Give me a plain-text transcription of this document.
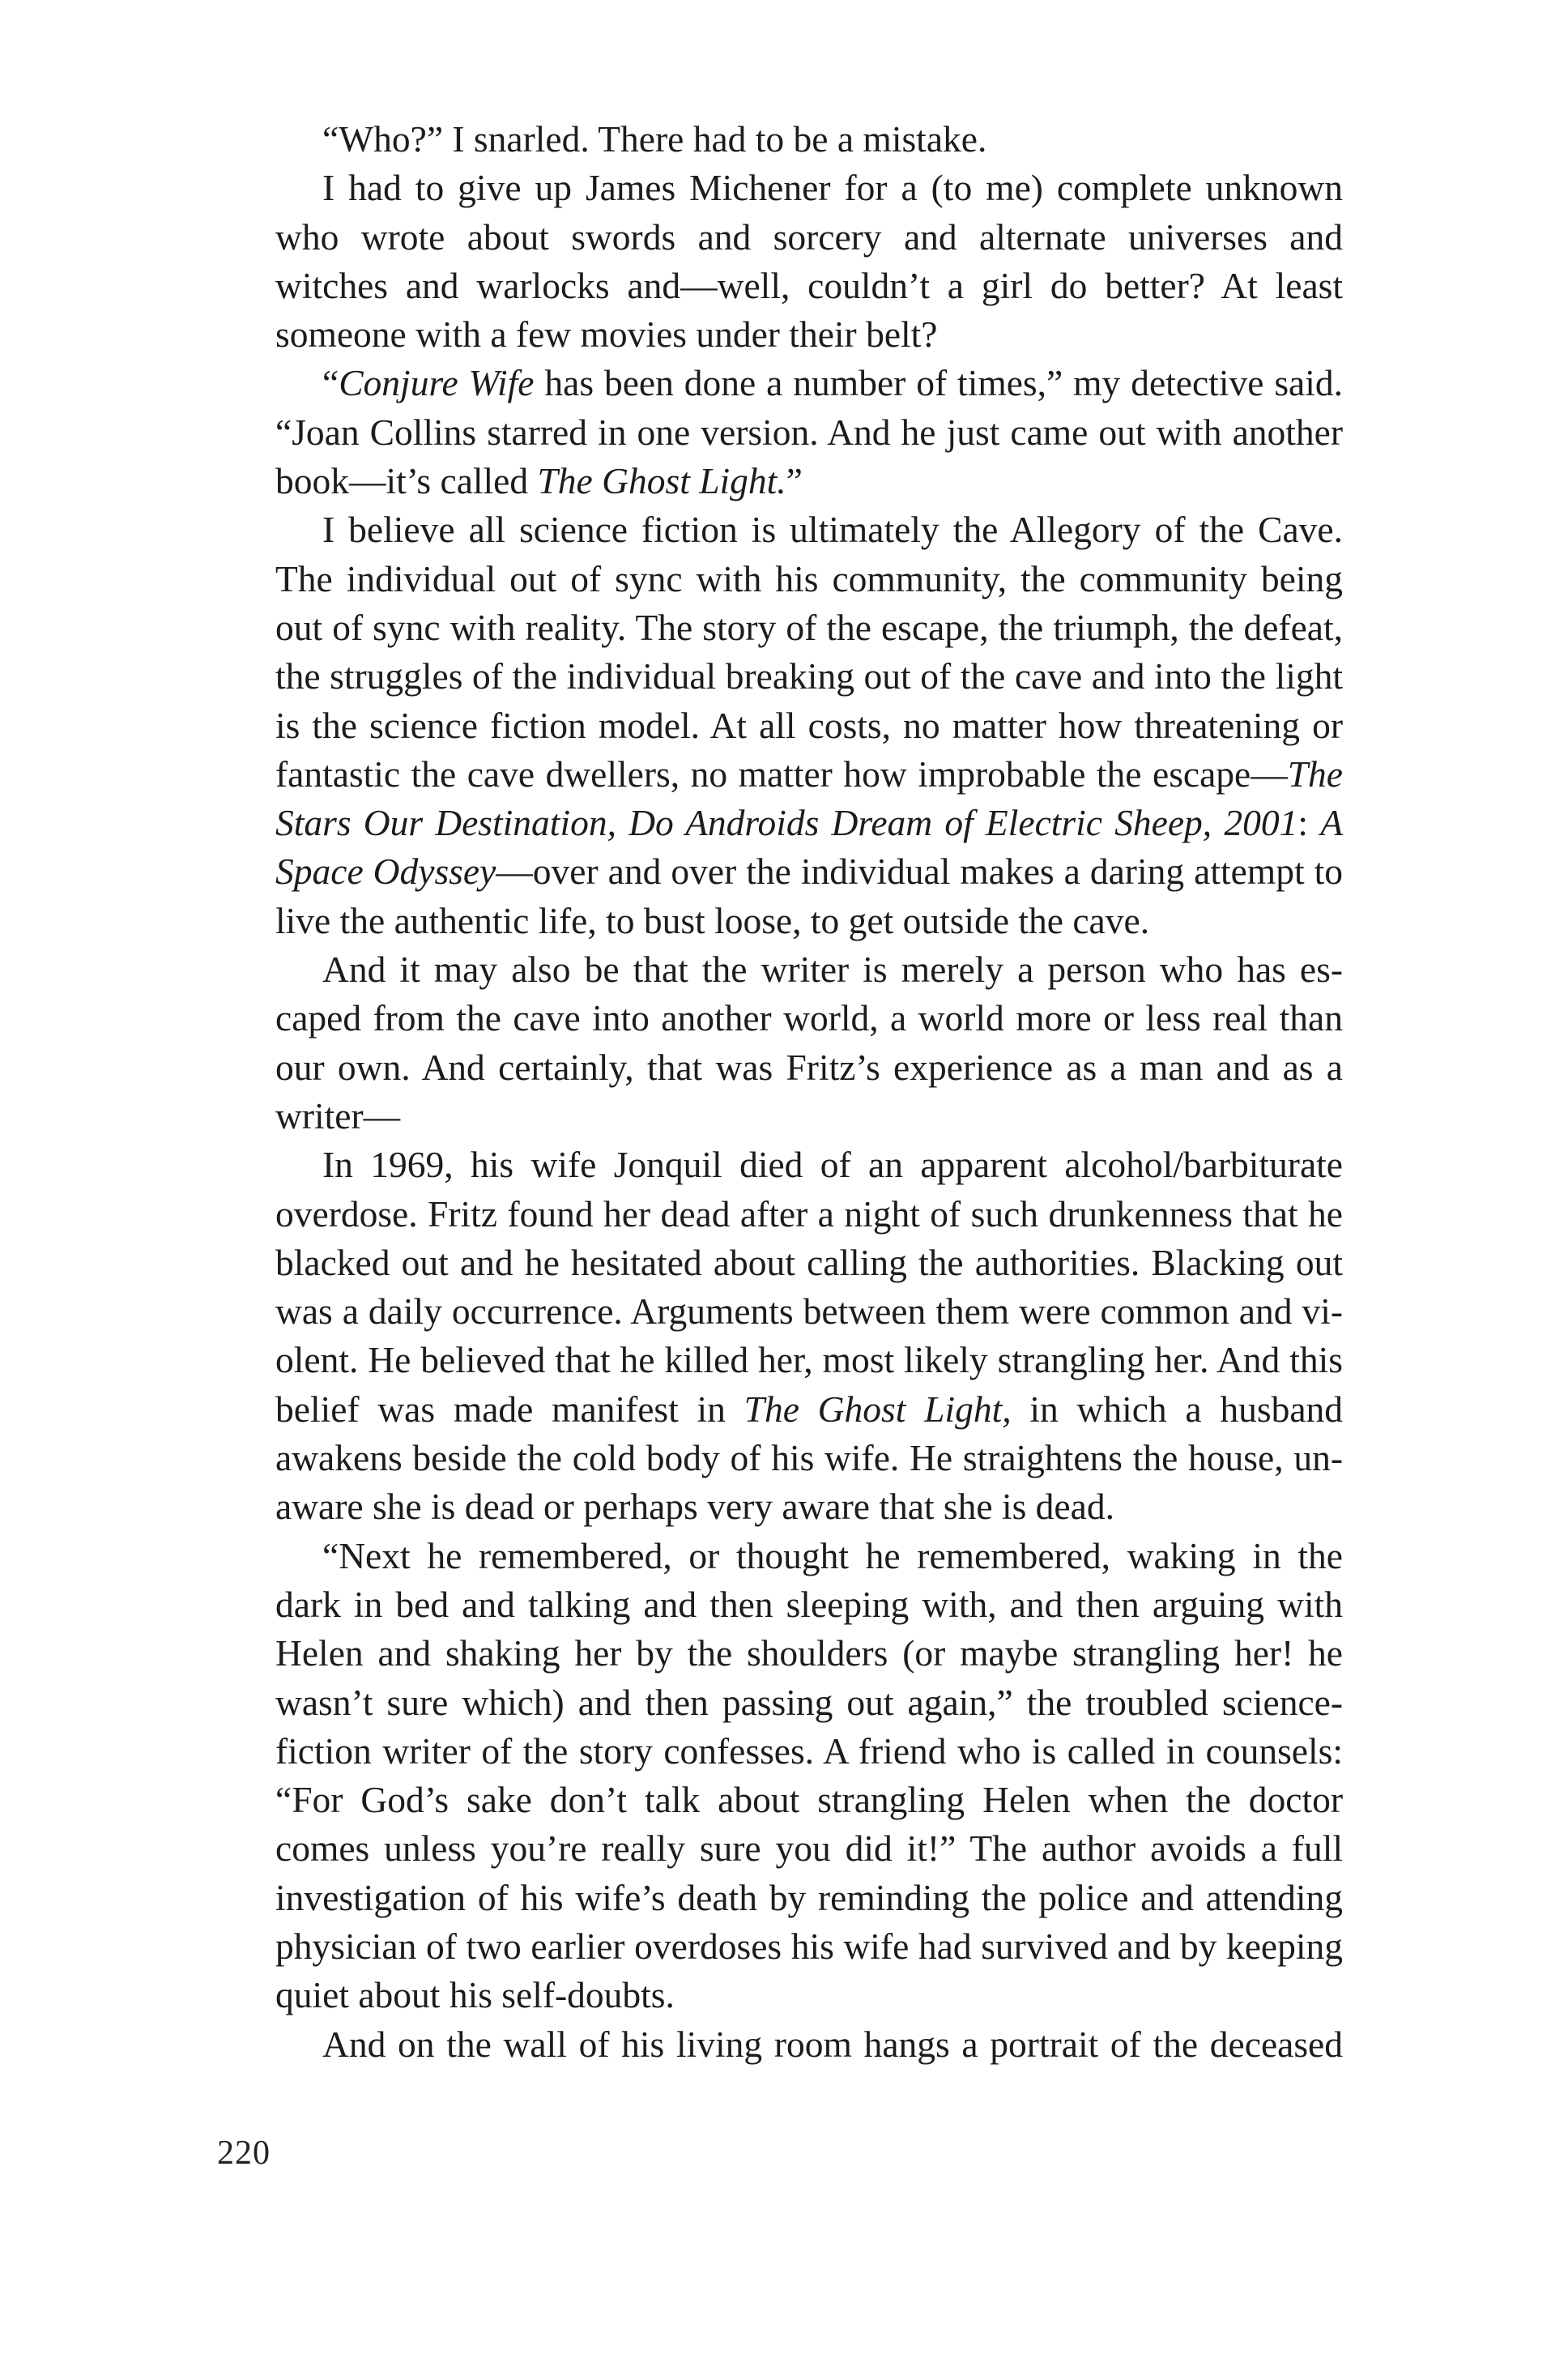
“Who?” I snarled. There had to be a mistake.

I had to give up James Michener for a (to me) complete unknown who wrote about swords and sorcery and alternate universes and witches and warlocks and—well, couldn’t a girl do better? At least someone with a few movies under their belt?

“Conjure Wife has been done a number of times,” my detective said. “Joan Collins starred in one version. And he just came out with another book—it’s called The Ghost Light.”

I believe all science fiction is ultimately the Allegory of the Cave. The individual out of sync with his community, the community being out of sync with reality. The story of the escape, the triumph, the defeat, the struggles of the individual breaking out of the cave and into the light is the science fiction model. At all costs, no matter how threatening or fantastic the cave dwellers, no matter how improbable the escape—The Stars Our Destination, Do Androids Dream of Electric Sheep, 2001: A Space Odyssey—over and over the individual makes a daring attempt to live the authentic life, to bust loose, to get outside the cave.

And it may also be that the writer is merely a person who has escaped from the cave into another world, a world more or less real than our own. And certainly, that was Fritz’s experience as a man and as a writer—

In 1969, his wife Jonquil died of an apparent alcohol/barbiturate overdose. Fritz found her dead after a night of such drunkenness that he blacked out and he hesitated about calling the authorities. Blacking out was a daily occurrence. Arguments between them were common and violent. He believed that he killed her, most likely strangling her. And this belief was made manifest in The Ghost Light, in which a husband awakens beside the cold body of his wife. He straightens the house, unaware she is dead or perhaps very aware that she is dead.

“Next he remembered, or thought he remembered, waking in the dark in bed and talking and then sleeping with, and then arguing with Helen and shaking her by the shoulders (or maybe strangling her! he wasn’t sure which) and then passing out again,” the troubled science-fiction writer of the story confesses. A friend who is called in counsels: “For God’s sake don’t talk about strangling Helen when the doctor comes unless you’re really sure you did it!” The author avoids a full investigation of his wife’s death by reminding the police and attending physician of two earlier overdoses his wife had survived and by keeping quiet about his self-doubts.

And on the wall of his living room hangs a portrait of the deceased

220
